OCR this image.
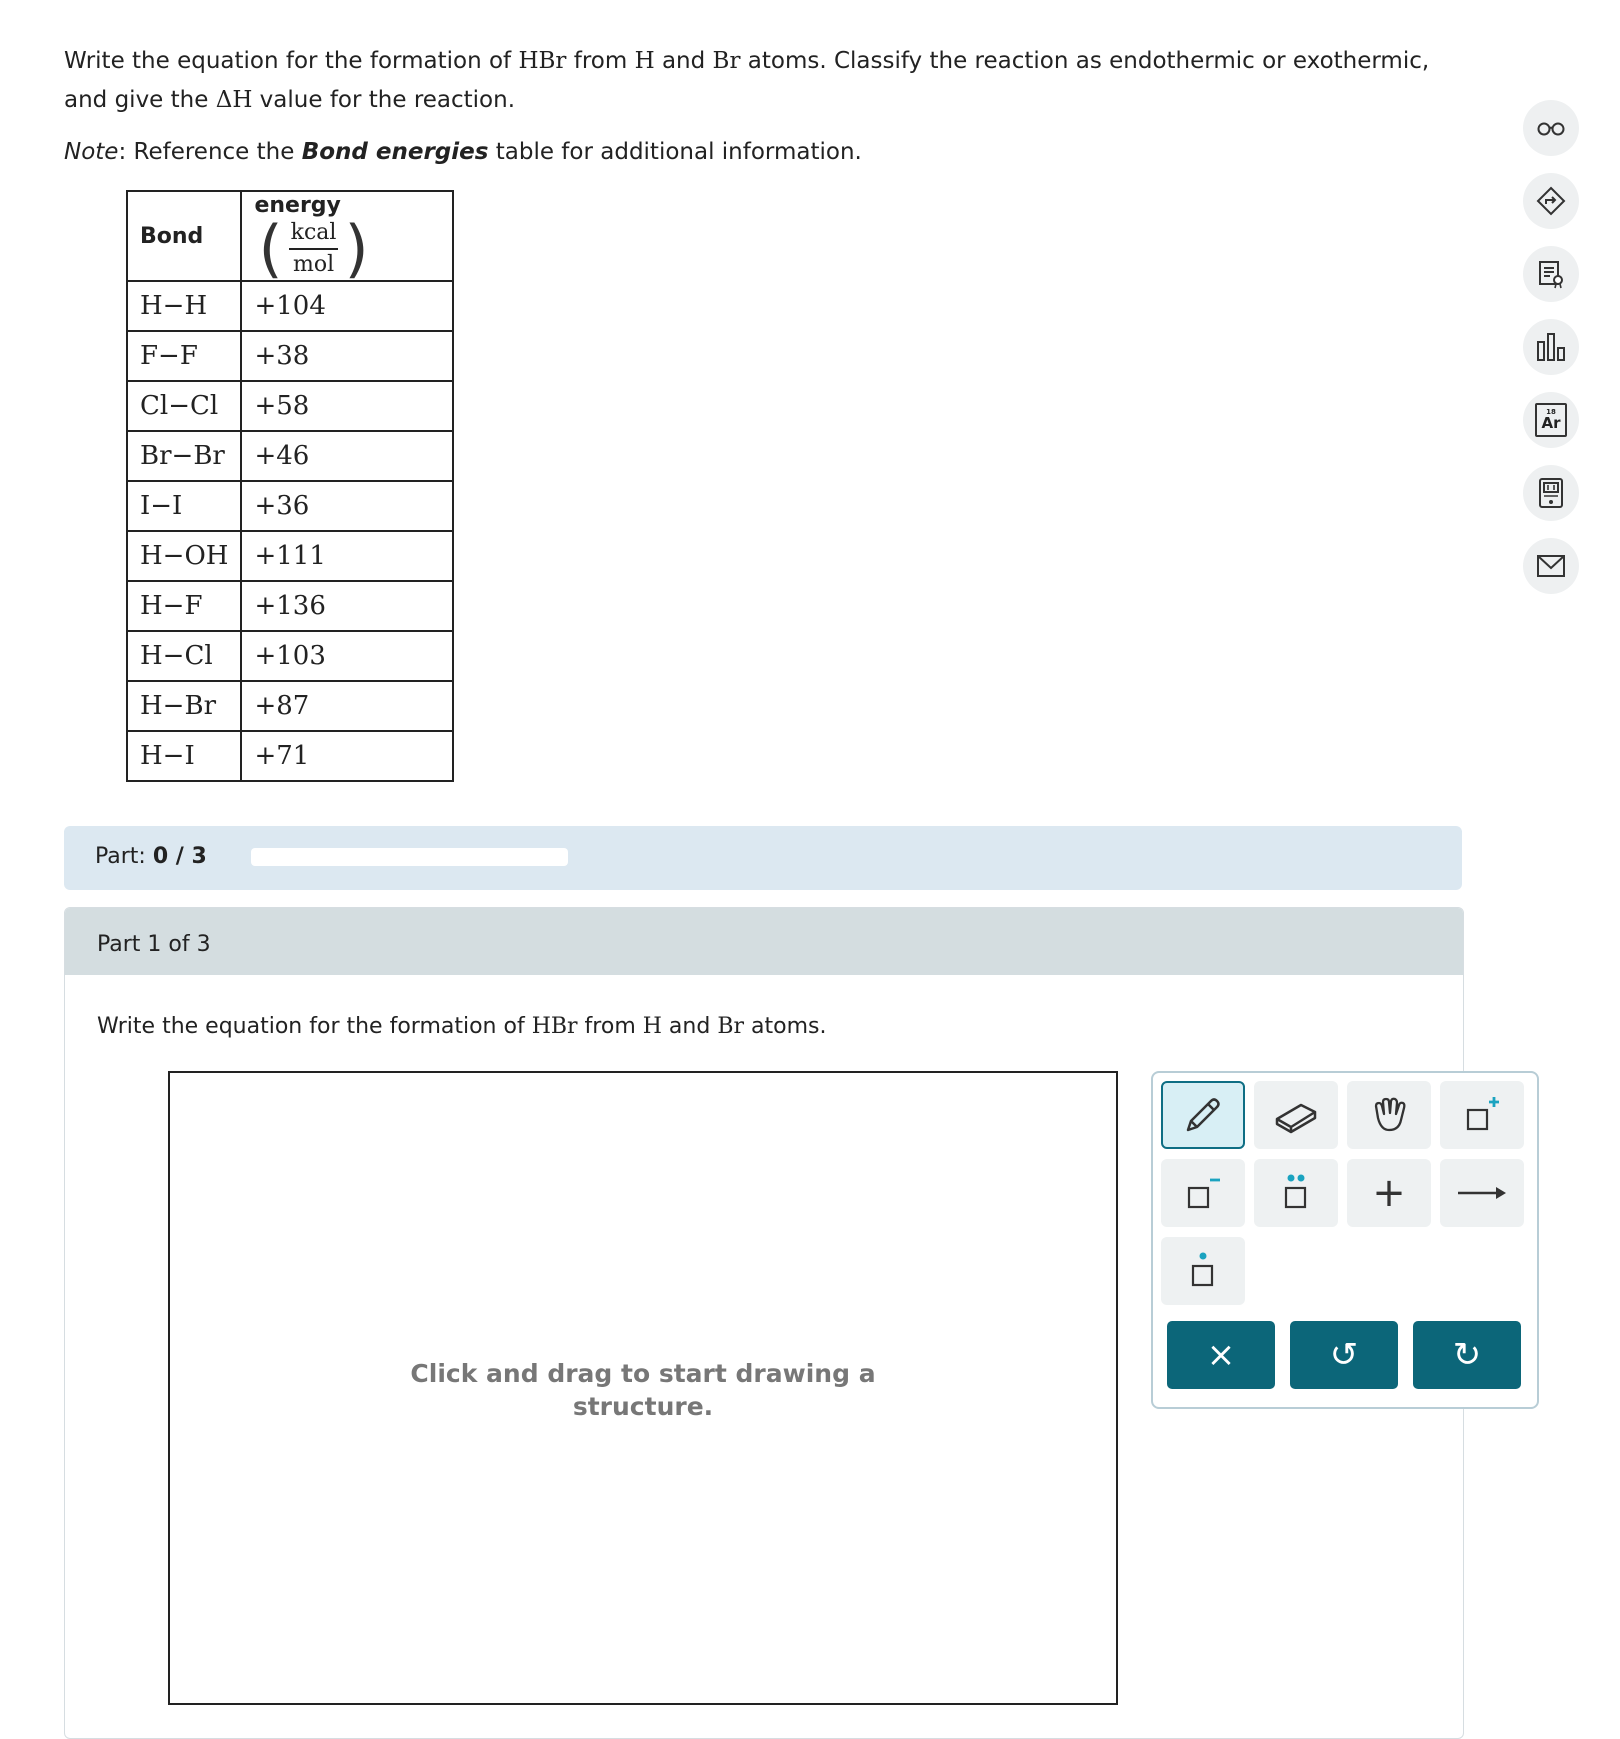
Write the equation for the formation of HBr from H and Br atoms. Classify the reaction as endothermic or exothermic, and give the ΔH value for the reaction.

Note: Reference the Bond energies table for additional information.

Bond	energy
( $\frac{\text{kcal}}{\text{mol}}$ )

H−H	+104
F−F	+38
Cl−Cl	+58
Br−Br	+46
I−I	+36
H−OH	+111
H−F	+136
H−Cl	+103
H−Br	+87
H−I	+71
Part: 0 / 3
Part 1 of 3

Write the equation for the formation of HBr from H and Br atoms.

Click and drag to start drawing a
structure.
+
×	↺	↻
18
Ar
